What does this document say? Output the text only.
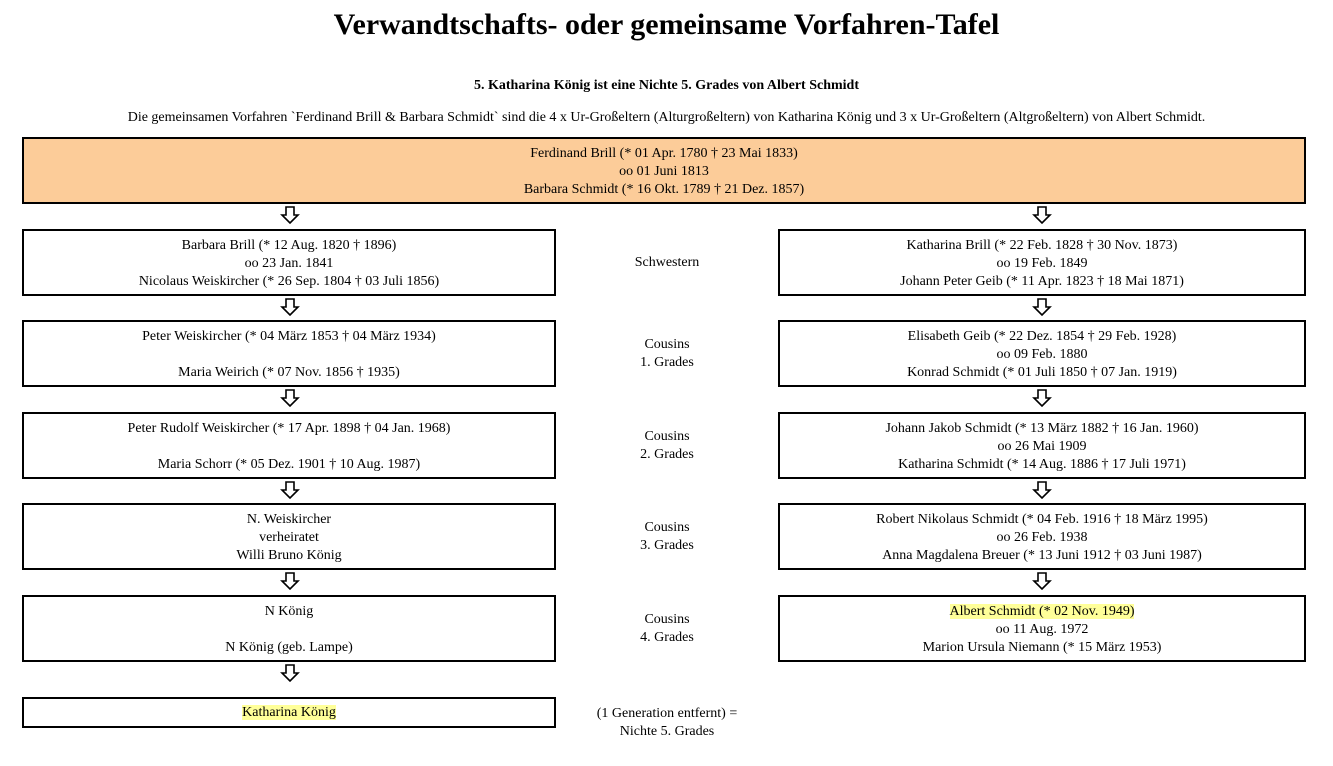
Verwandtschafts- oder gemeinsame Vorfahren-Tafel
5. Katharina König ist eine Nichte 5. Grades von Albert Schmidt
Die gemeinsamen Vorfahren `Ferdinand Brill & Barbara Schmidt` sind die 4 x Ur-Großeltern (Alturgroßeltern) von Katharina König und 3 x Ur-Großeltern (Altgroßeltern) von Albert Schmidt.
Ferdinand Brill (* 01 Apr. 1780 † 23 Mai 1833)
oo 01 Juni 1813
Barbara Schmidt (* 16 Okt. 1789 † 21 Dez. 1857)
Barbara Brill (* 12 Aug. 1820 † 1896)
oo 23 Jan. 1841
Nicolaus Weiskircher (* 26 Sep. 1804 † 03 Juli 1856)
Schwestern
Katharina Brill (* 22 Feb. 1828 † 30 Nov. 1873)
oo 19 Feb. 1849
Johann Peter Geib (* 11 Apr. 1823 † 18 Mai 1871)
Peter Weiskircher (* 04 März 1853 † 04 März 1934)
Maria Weirich (* 07 Nov. 1856 † 1935)
Cousins
1. Grades
Elisabeth Geib (* 22 Dez. 1854 † 29 Feb. 1928)
oo 09 Feb. 1880
Konrad Schmidt (* 01 Juli 1850 † 07 Jan. 1919)
Peter Rudolf Weiskircher (* 17 Apr. 1898 † 04 Jan. 1968)
Maria Schorr (* 05 Dez. 1901 † 10 Aug. 1987)
Cousins
2. Grades
Johann Jakob Schmidt (* 13 März 1882 † 16 Jan. 1960)
oo 26 Mai 1909
Katharina Schmidt (* 14 Aug. 1886 † 17 Juli 1971)
N. Weiskircher
verheiratet
Willi Bruno König
Cousins
3. Grades
Robert Nikolaus Schmidt (* 04 Feb. 1916 † 18 März 1995)
oo 26 Feb. 1938
Anna Magdalena Breuer (* 13 Juni 1912 † 03 Juni 1987)
N König
N König (geb. Lampe)
Cousins
4. Grades
Albert Schmidt (* 02 Nov. 1949)
oo 11 Aug. 1972
Marion Ursula Niemann (* 15 März 1953)
Katharina König	(1 Generation entfernt) =
Nichte 5. Grades
